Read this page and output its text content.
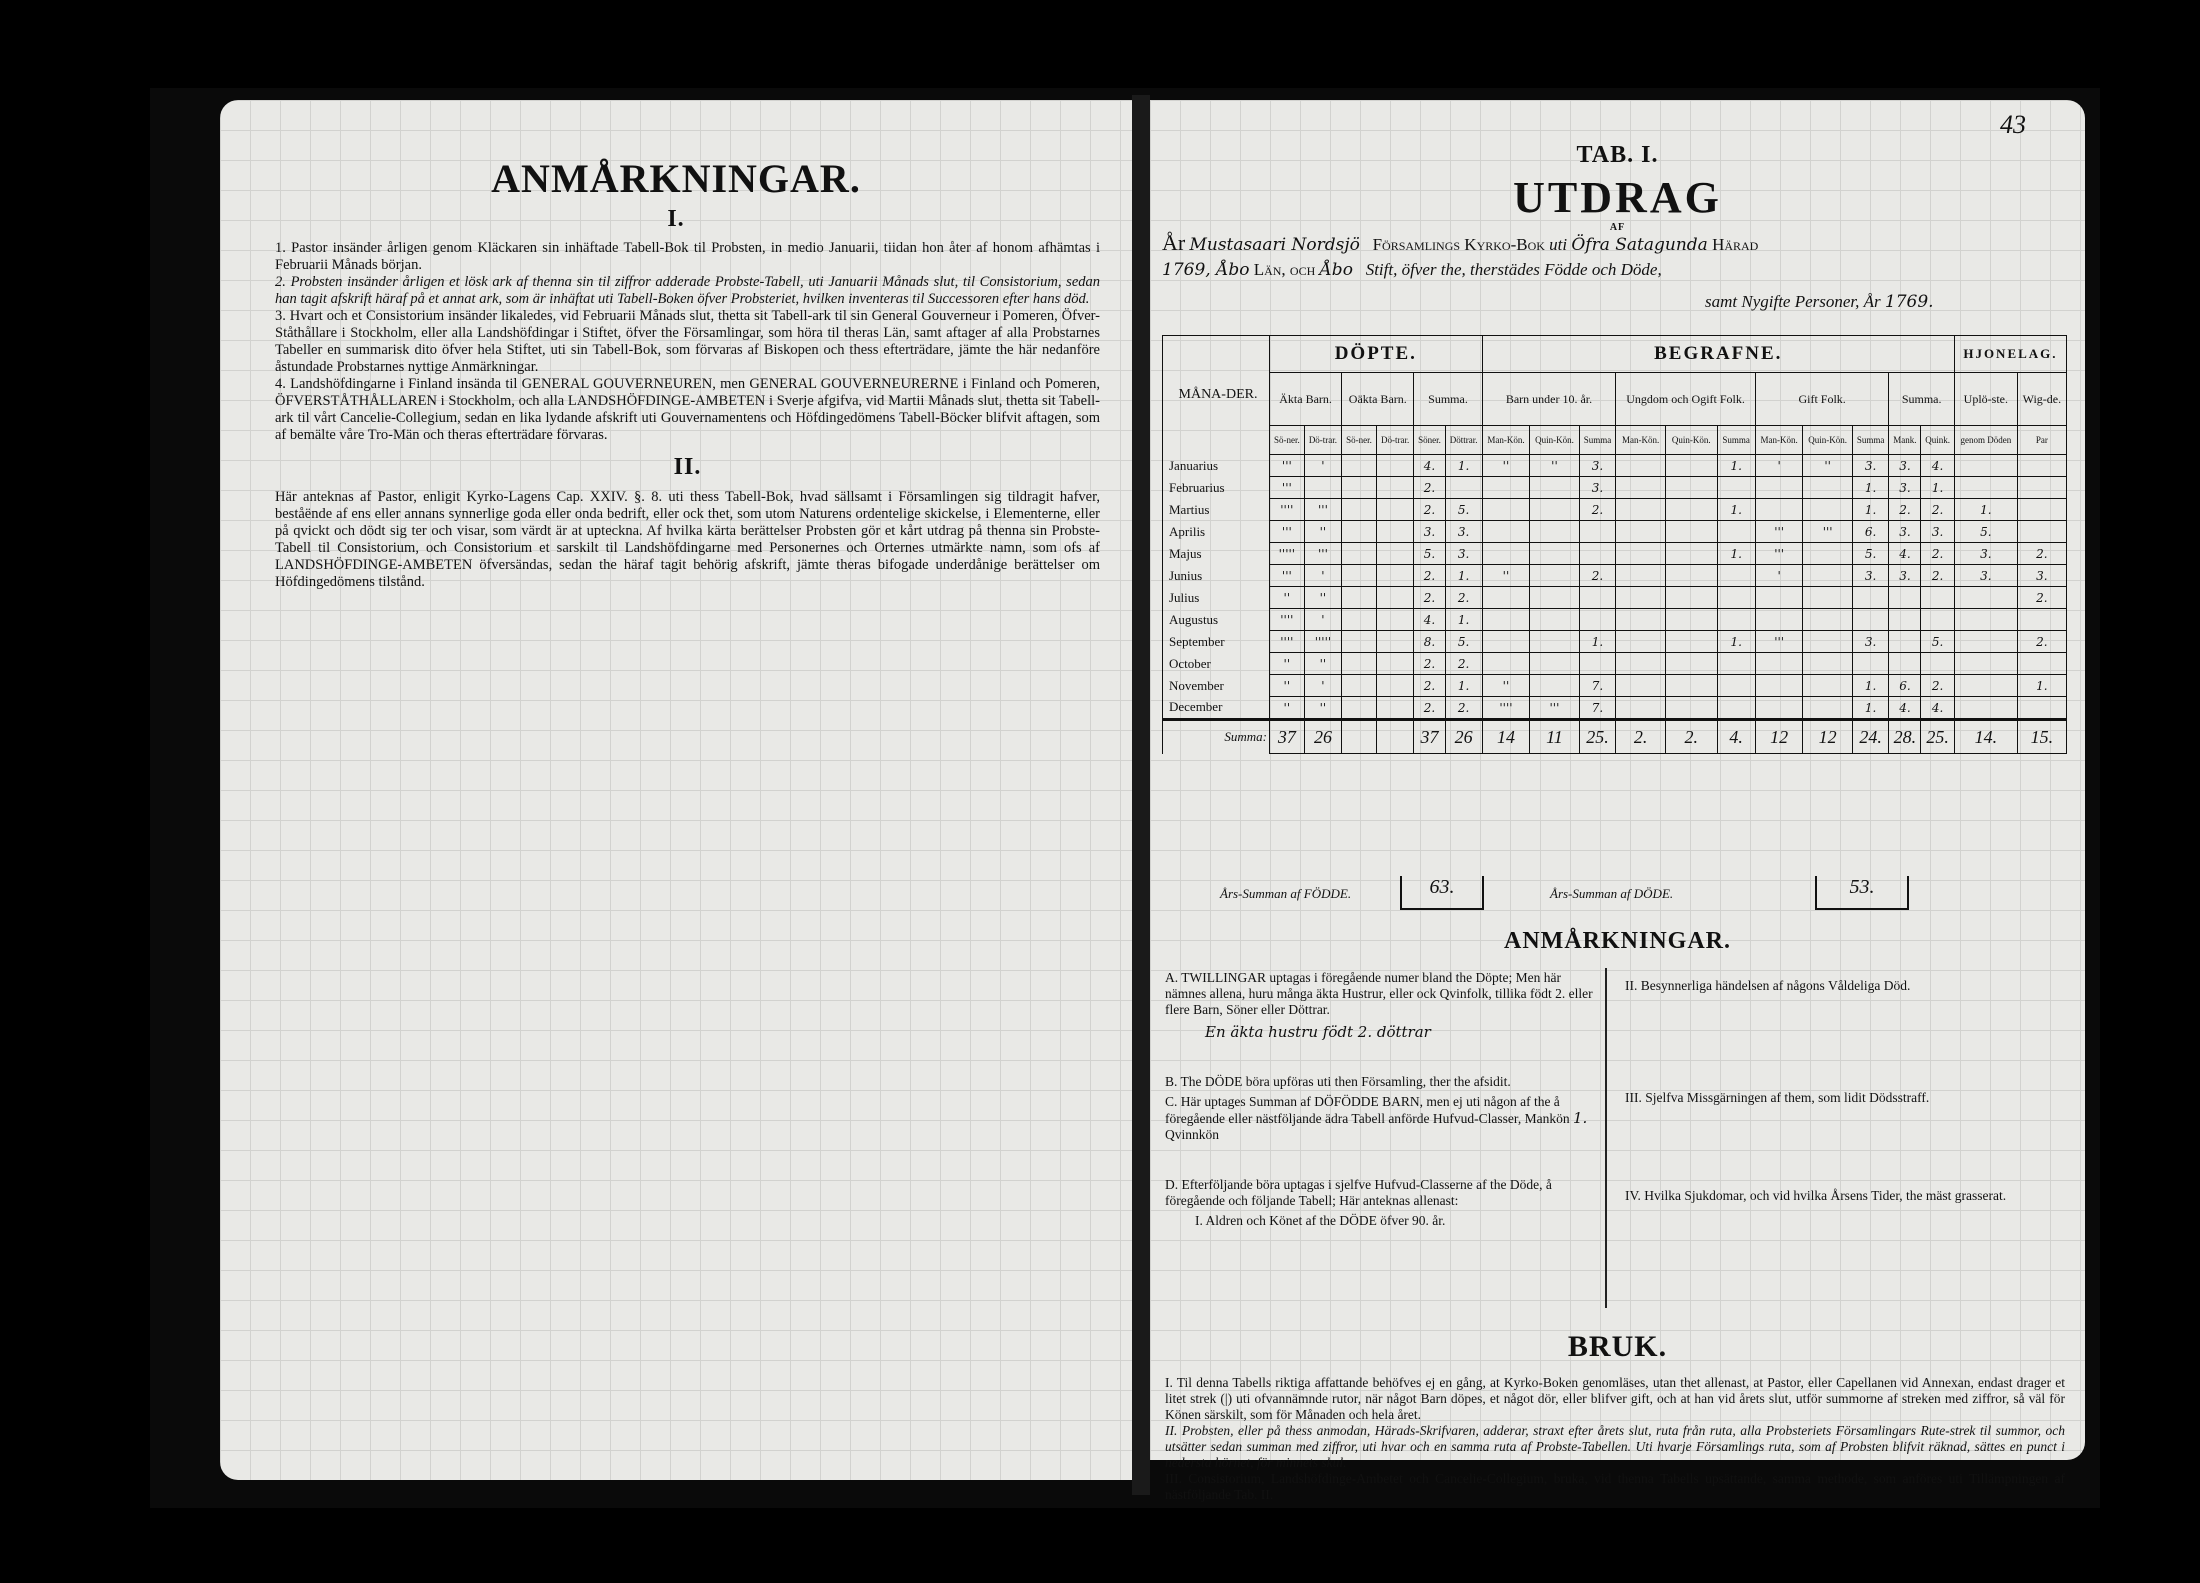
ANMÅRKNINGAR.
I.

1. Pastor insänder årligen genom Kläckaren sin inhäftade Tabell-Bok til Probsten, in medio Januarii, tiidan hon åter af honom afhämtas i Februarii Månads början.

2. Probsten insänder årligen et lösk ark af thenna sin til ziffror adderade Probste-Tabell, uti Januarii Månads slut, til Consistorium, sedan han tagit afskrift häraf på et annat ark, som är inhäftat uti Tabell-Boken öfver Probsteriet, hvilken inventeras til Successoren efter hans död.

3. Hvart och et Consistorium insänder likaledes, vid Februarii Månads slut, thetta sit Tabell-ark til sin General Gouverneur i Pomeren, Öfver-Ståthållare i Stockholm, eller alla Landshöfdingar i Stiftet, öfver the Församlingar, som höra til theras Län, samt aftager af alla Probstarnes Tabeller en summarisk dito öfver hela Stiftet, uti sin Tabell-Bok, som förvaras af Biskopen och thess efterträdare, jämte the här nedanföre åstundade Probstarnes nyttige Anmärkningar.

4. Landshöfdingarne i Finland insända til GENERAL GOUVERNEUREN, men GENERAL GOUVERNEURERNE i Finland och Pomeren, ÖFVERSTÅTHÅLLAREN i Stockholm, och alla LANDSHÖFDINGE-AMBETEN i Sverje afgifva, vid Martii Månads slut, thetta sit Tabell-ark til vårt Cancelie-Collegium, sedan en lika lydande afskrift uti Gouvernamentens och Höfdingedömens Tabell-Böcker blifvit aftagen, som af bemälte våre Tro-Män och theras efterträdare förvaras.

II.

Här anteknas af Pastor, enligit Kyrko-Lagens Cap. XXIV. §. 8. uti thess Tabell-Bok, hvad sällsamt i Församlingen sig tildragit hafver, beståënde af ens eller annans synnerlige goda eller onda bedrift, eller ock thet, som utom Naturens ordentelige skickelse, i Elementerne, eller på qvickt och dödt sig ter och visar, som värdt är at upteckna. Af hvilka kärta berättelser Probsten gör et kårt utdrag på thenna sin Probste-Tabell til Consistorium, och Consistorium et sarskilt til Landshöfdingarne med Personernes och Orternes utmärkte namn, som ofs af LANDSHÖFDINGE-AMBETEN öfversändas, sedan the häraf tagit behörig afskrift, jämte theras bifogade underdånige berättelser om Höfdingedömens tilstånd.

TAB. I.
UTDRAG
AF
År Mustasaari Nordsjö Församlings Kyrko-Bok uti Öfra Satagunda Härad
1769, Åbo Län, och Åbo Stift, öfver the, therstädes Födde och Döde,
samt Nygifte Personer, År 1769.
MÅNA-DER.	DÖPTE.						BEGRAFNE.											HJONELAG.	
	Äkta Barn.		Oäkta Barn.		Summa.		Barn under 10. år.			Ungdom och Ogift Folk.			Gift Folk.			Summa.		Uplö-ste.	Wig-de.
	Sö-ner.	Dö-trar.	Sö-ner.	Dö-trar.	Söner.	Döttrar.	Man-Kön.	Quin-Kön.	Summa	Man-Kön.	Quin-Kön.	Summa	Man-Kön.	Quin-Kön.	Summa	Mank.	Quink.	genom Döden	Par
Januarius	'''	'			4.	1.	''	''	3.			1.	'	''	3.	3.	4.		
Februarius	'''				2.				3.						1.	3.	1.		
Martius	''''	'''			2.	5.			2.			1.			1.	2.	2.	1.	
Aprilis	'''	''			3.	3.							'''	'''	6.	3.	3.	5.	
Majus	'''''	'''			5.	3.						1.	'''		5.	4.	2.	3.	2.
Junius	'''	'			2.	1.	''		2.				'		3.	3.	2.	3.	3.
Julius	''	''			2.	2.													2.
Augustus	''''	'			4.	1.													
September	''''	'''''			8.	5.			1.			1.	'''		3.		5.		2.
October	''	''			2.	2.													
November	''	'			2.	1.	''		7.						1.	6.	2.		1.
December	''	''			2.	2.	''''	'''	7.						1.	4.	4.		
Summa:	37	26			37	26	14	11	25.	2.	2.	4.	12	12	24.	28.	25.	14.	15.
Års-Summan af FÖDDE.	63.	Års-Summan af DÖDE.	53.
ANMÅRKNINGAR.
A. TWILLINGAR uptagas i föregående numer bland the Döpte; Men här nämnes allena, huru många äkta Hustrur, eller ock Qvinfolk, tillika födt 2. eller flere Barn, Söner eller Döttrar.
En äkta hustru födt 2. döttrar
B. The DÖDE böra upföras uti then Församling, ther the afsidit.
C. Här uptages Summan af DÖFÖDDE BARN, men ej uti någon af the å föregående eller nästföljande ädra Tabell anförde Hufvud-Classer, Mankön 1. Qvinnkön
D. Efterföljande böra uptagas i sjelfve Hufvud-Classerne af the Döde, å föregående och följande Tabell; Här anteknas allenast:
I. Aldren och Könet af the DÖDE öfver 90. år.
II. Besynnerliga händelsen af någons Våldeliga Död.
III. Sjelfva Missgärningen af them, som lidit Dödsstraff.
IV. Hvilka Sjukdomar, och vid hvilka Årsens Tider, the mäst grasserat.
BRUK.
I. Til denna Tabells riktiga affattande behöfves ej en gång, at Kyrko-Boken genomläses, utan thet allenast, at Pastor, eller Capellanen vid Annexan, endast drager et litet strek (|) uti ofvannämnde rutor, när något Barn döpes, et något dör, eller blifver gift, och at han vid årets slut, utför summorne af streken med ziffror, så väl för Könen särskilt, som för Månaden och hela året.
II. Probsten, eller på thess anmodan, Härads-Skrifvaren, adderar, straxt efter årets slut, ruta från ruta, alla Probsteriets Församlingars Rute-strek til summor, och utsätter sedan summan med ziffror, uti hvar och en samma ruta af Probste-Tabellen. Uti hvarje Församlings ruta, som af Probsten blifvit räknad, sättes en punct i nedersta hörnet, för minnets skul.
III. Consistorium, Landshöfdinge-Ambetet och Cancelie-Collegium, bruka, vid thenna Tabells upsättande, samma methode, som anföres uti Tillämpningen af nästföljande Tab. II.
43
